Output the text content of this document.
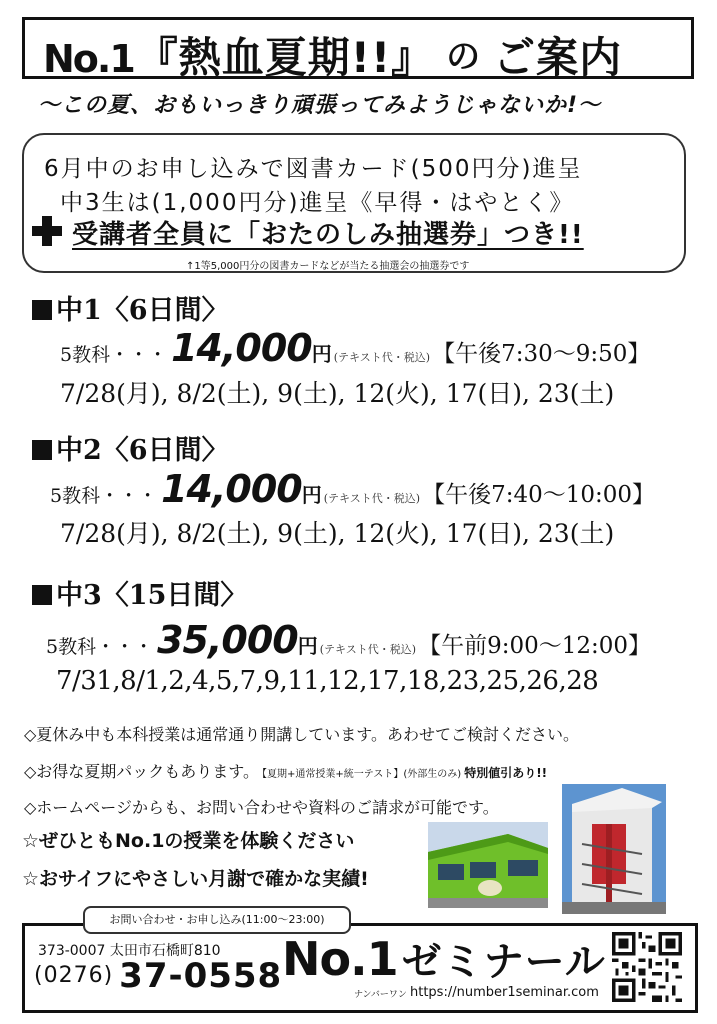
No.1『熱血夏期!!』 の ご案内
〜この夏、おもいっきり頑張ってみようじゃないか!〜
6月中のお申し込みで図書カード(500円分)進呈
中3生は(1,000円分)進呈《早得・はやとく》
受講者全員に「おたのしみ抽選券」つき!!
↑1等5,000円分の図書カードなどが当たる抽選会の抽選券です
中1〈6日間〉
5教科・・・ 14,000円 (テキスト代・税込)【午後7:30〜9:50】
7/28(月), 8/2(土), 9(土), 12(火), 17(日), 23(土)
中2〈6日間〉
5教科・・・ 14,000円 (テキスト代・税込)【午後7:40〜10:00】
7/28(月), 8/2(土), 9(土), 12(火), 17(日), 23(土)
中3〈15日間〉
5教科・・・ 35,000円 (テキスト代・税込)【午前9:00〜12:00】
7/31,8/1,2,4,5,7,9,11,12,17,18,23,25,26,28
◇夏休み中も本科授業は通常通り開講しています。あわせてご検討ください。
◇お得な夏期パックもあります。 【夏期+通常授業+統一テスト】(外部生のみ) 特別値引あり!!
◇ホームページからも、お問い合わせや資料のご請求が可能です。
☆ぜひともNo.1の授業を体験ください
☆おサイフにやさしい月謝で確かな実績!
お問い合わせ・お申し込み(11:00〜23:00)
373-0007 太田市石橋町810
(0276) 37-0558 No.1 ゼミナール
ナンバーワン https://number1seminar.com
